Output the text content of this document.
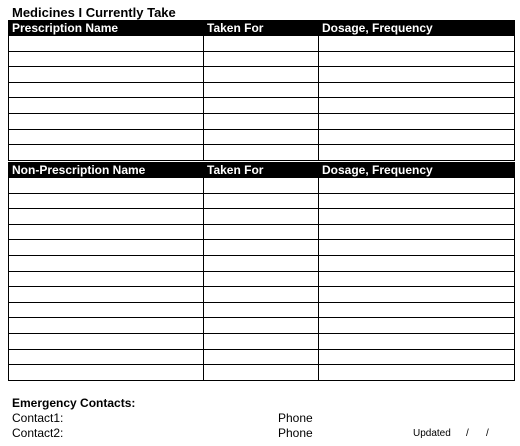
Medicines I Currently Take
Prescription Name	Taken For	Dosage, Frequency

Non-Prescription Name	Taken For	Dosage, Frequency

Emergency Contacts:
Contact1:	Phone
Contact2:	Phone	Updated / /
